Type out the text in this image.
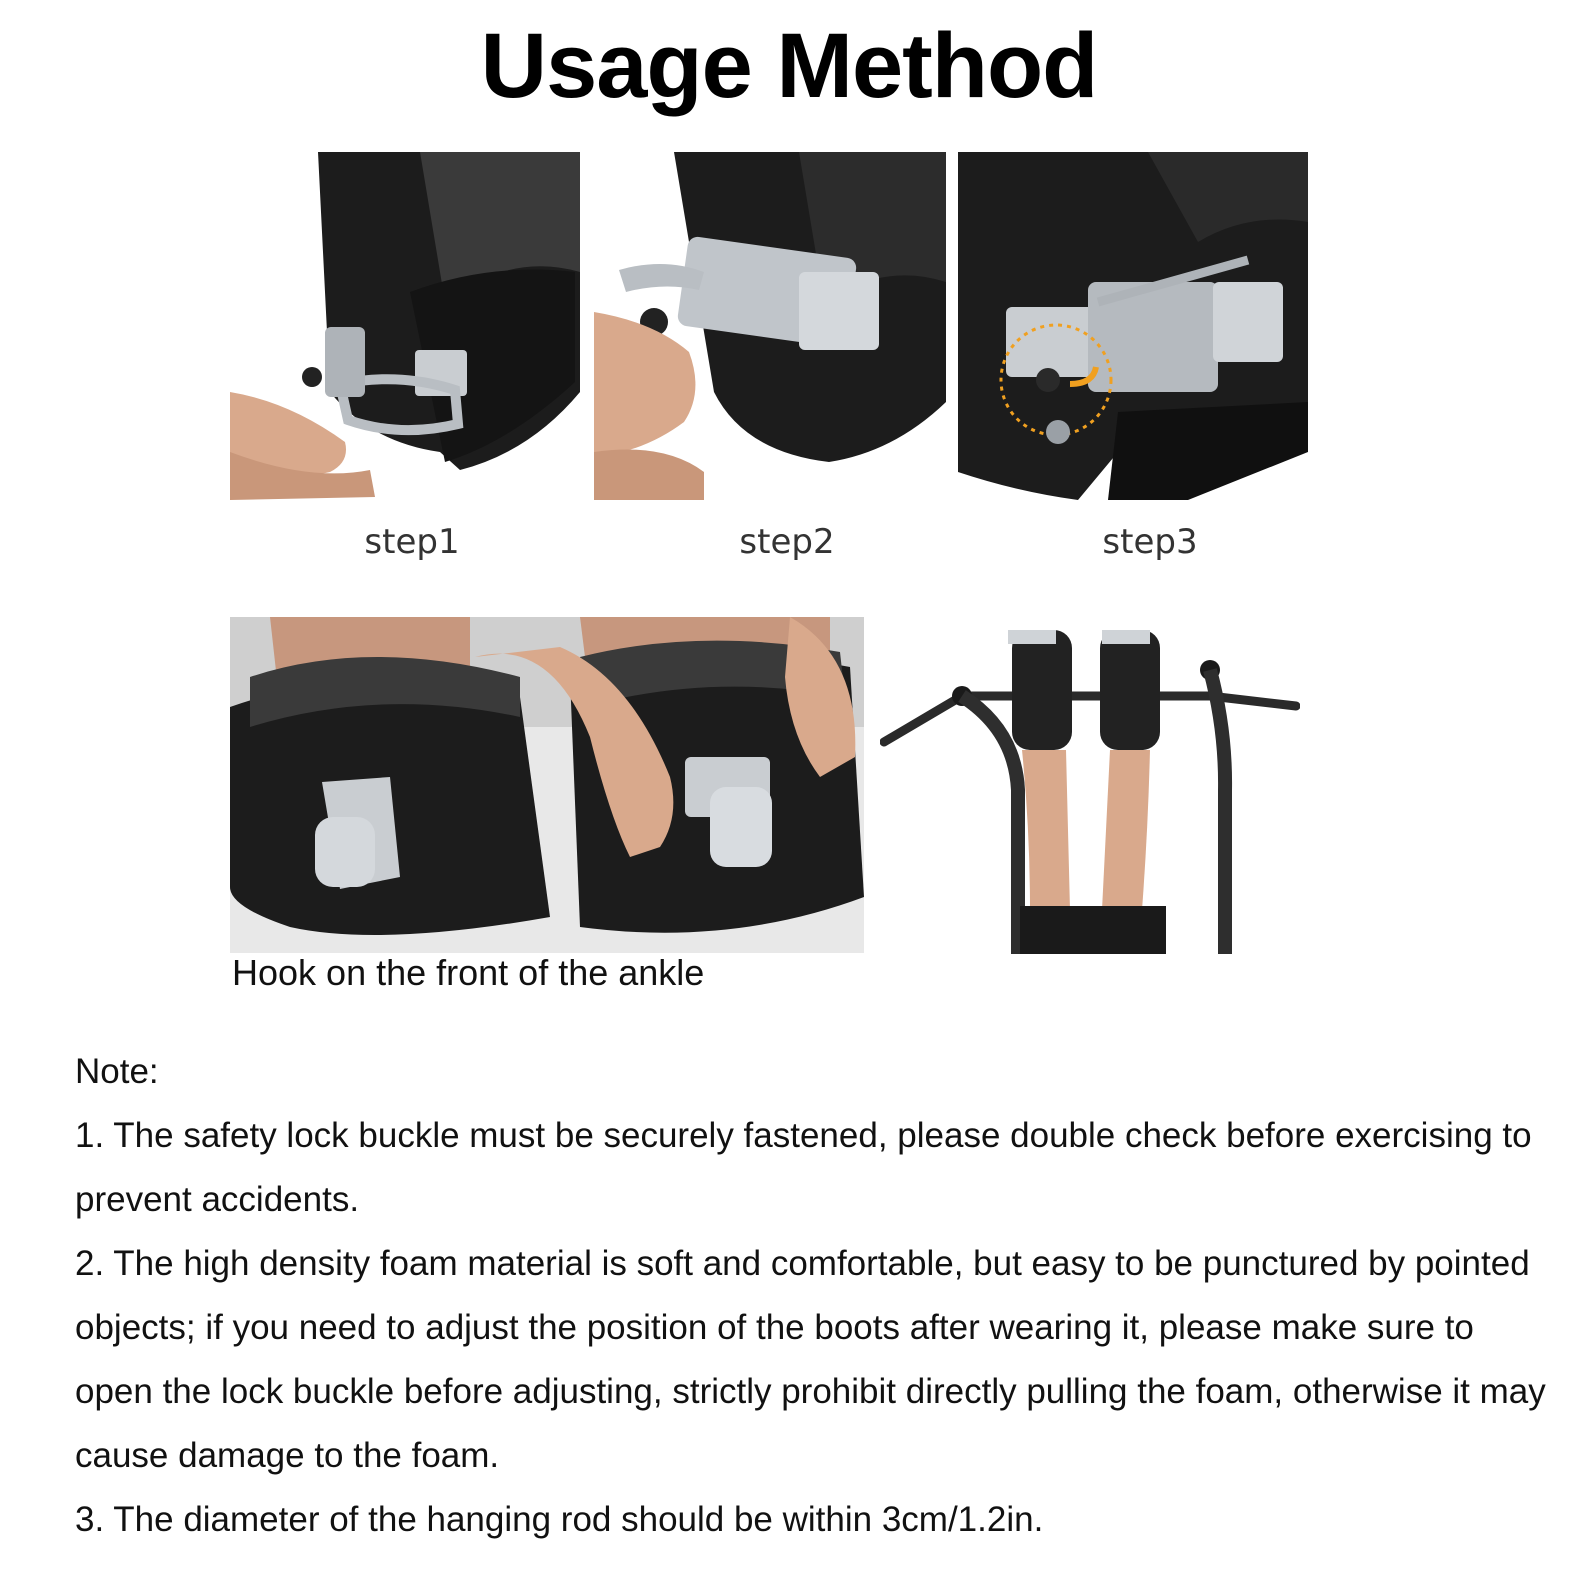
Usage Method
step1	step2	step3
Hook on the front of the ankle

Note:

1. The safety lock buckle must be securely fastened, please double check before exercising to prevent accidents.

2. The high density foam material is soft and comfortable, but easy to be punctured by pointed objects; if you need to adjust the position of the boots after wearing it, please make sure to open the lock buckle before adjusting, strictly prohibit directly pulling the foam, otherwise it may cause damage to the foam.

3. The diameter of the hanging rod should be within 3cm/1.2in.
